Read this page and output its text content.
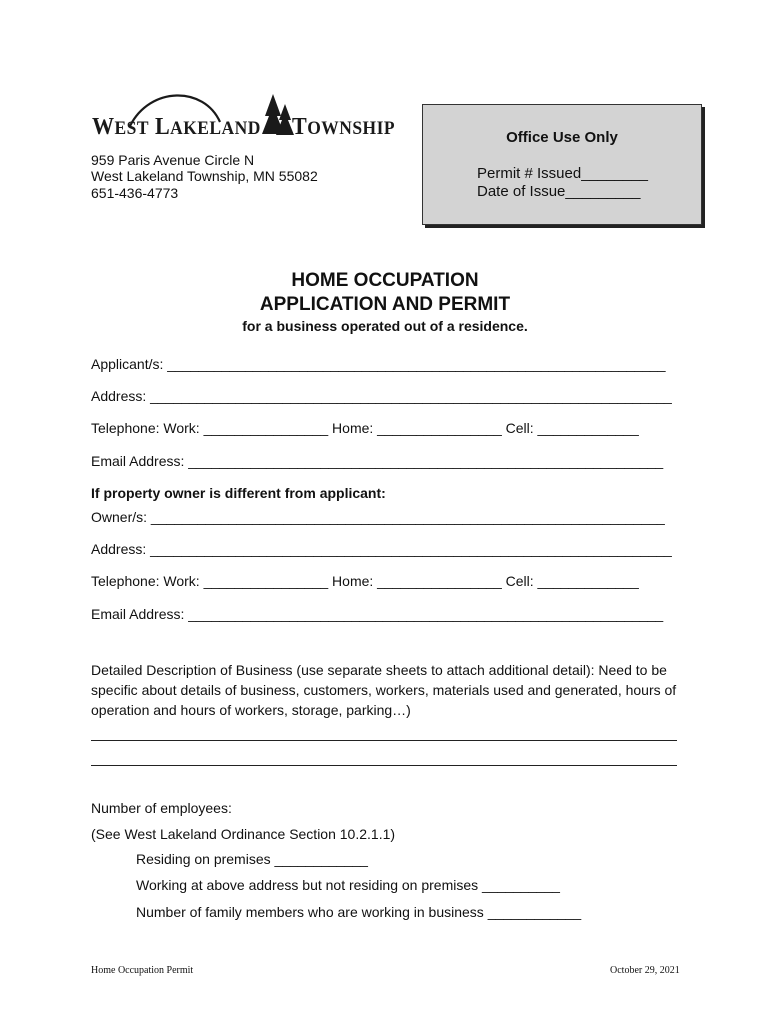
WEST LAKELAND TOWNSHIP
959 Paris Avenue Circle N
West Lakeland Township, MN 55082
651-436-4773
Office Use Only
Permit # Issued________
Date of Issue_________
HOME OCCUPATION
APPLICATION AND PERMIT
for a business operated out of a residence.
Applicant/s: ________________________________________________________________
Address: ___________________________________________________________________
Telephone: Work: ________________ Home: ________________ Cell: _____________
Email Address: _____________________________________________________________
If property owner is different from applicant:
Owner/s: __________________________________________________________________
Address: ___________________________________________________________________
Telephone: Work: ________________ Home: ________________ Cell: _____________
Email Address: _____________________________________________________________
Detailed Description of Business (use separate sheets to attach additional detail): Need to be specific about details of business, customers, workers, materials used and generated, hours of operation and hours of workers, storage, parking…)
Number of employees:
(See West Lakeland Ordinance Section 10.2.1.1)
Residing on premises ____________
Working at above address but not residing on premises __________
Number of family members who are working in business ____________
Home Occupation Permit	October 29, 2021
